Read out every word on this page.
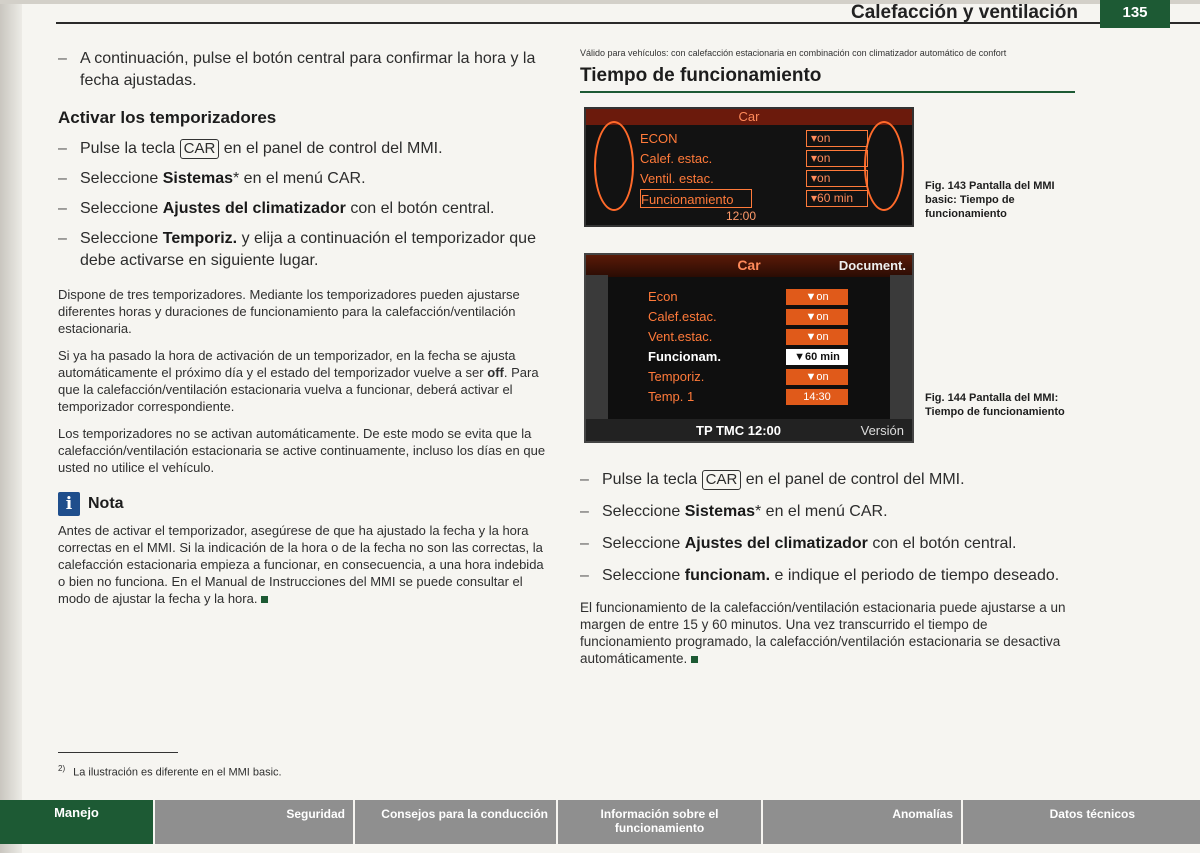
Calefacción y ventilación	135
– A continuación, pulse el botón central para confirmar la hora y la fecha ajustadas.
Activar los temporizadores
– Pulse la tecla CAR en el panel de control del MMI.
– Seleccione Sistemas* en el menú CAR.
– Seleccione Ajustes del climatizador con el botón central.
– Seleccione Temporiz. y elija a continuación el temporizador que debe activarse en siguiente lugar.

Dispone de tres temporizadores. Mediante los temporizadores pueden ajustarse diferentes horas y duraciones de funcionamiento para la calefacción/ventilación estacionaria.

Si ya ha pasado la hora de activación de un temporizador, en la fecha se ajusta automáticamente el próximo día y el estado del temporizador vuelve a ser off. Para que la calefacción/ventilación estacionaria vuelva a funcionar, deberá activar el temporizador correspondiente.

Los temporizadores no se activan automáticamente. De este modo se evita que la calefacción/ventilación estacionaria se active continuamente, incluso los días en que usted no utilice el vehículo.

i Nota

Antes de activar el temporizador, asegúrese de que ha ajustado la fecha y la hora correctas en el MMI. Si la indicación de la hora o de la fecha no son las correctas, la calefacción estacionaria empieza a funcionar, en consecuencia, a una hora indebida o bien no funciona. En el Manual de Instrucciones del MMI se puede consultar el modo de ajustar la fecha y la hora.

$^{2)}$ La ilustración es diferente en el MMI basic.
Válido para vehículos: con calefacción estacionaria en combinación con climatizador automático de confort
Tiempo de funcionamiento
Car
ECON	▾on
Calef. estac.	▾on
Ventil. estac.	▾on
Funcionamiento	▾60 min
12:00
Fig. 143 Pantalla del MMI basic: Tiempo de funcionamiento
Car	Document.
Econ	▼on
Calef.estac.	▼on
Vent.estac.	▼on
Funcionam.	▼60 min
Temporiz.	▼on
Temp. 1	14:30
TP TMC 12:00	Versión
Fig. 144 Pantalla del MMI: Tiempo de funcionamiento
– Pulse la tecla CAR en el panel de control del MMI.
– Seleccione Sistemas* en el menú CAR.
– Seleccione Ajustes del climatizador con el botón central.
– Seleccione funcionam. e indique el periodo de tiempo deseado.

El funcionamiento de la calefacción/ventilación estacionaria puede ajustarse a un margen de entre 15 y 60 minutos. Una vez transcurrido el tiempo de funcionamiento programado, la calefacción/ventilación estacionaria se desactiva automáticamente.

Manejo	Seguridad	Consejos para la conducción	Información sobre el funcionamiento
Anomalías	Datos técnicos
